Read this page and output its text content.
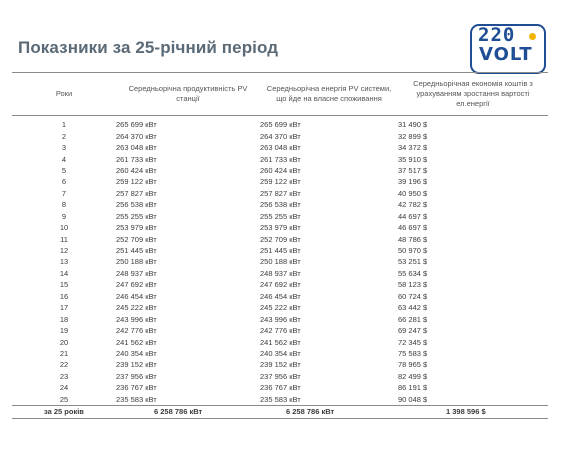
Показники за 25-річний період
220
VOLT
Роки	Середньорічна продуктивність PV станції	Середньорічна енергія PV системи, що йде на власне споживання	Середньорічная економія коштів з урахуванням зростання вартості ел.енергії
1	265 699 кВт	265 699 кВт	31 490 $
2	264 370 кВт	264 370 кВт	32 899 $
3	263 048 кВт	263 048 кВт	34 372 $
4	261 733 кВт	261 733 кВт	35 910 $
5	260 424 кВт	260 424 кВт	37 517 $
6	259 122 кВт	259 122 кВт	39 196 $
7	257 827 кВт	257 827 кВт	40 950 $
8	256 538 кВт	256 538 кВт	42 782 $
9	255 255 кВт	255 255 кВт	44 697 $
10	253 979 кВт	253 979 кВт	46 697 $
11	252 709 кВт	252 709 кВт	48 786 $
12	251 445 кВт	251 445 кВт	50 970 $
13	250 188 кВт	250 188 кВт	53 251 $
14	248 937 кВт	248 937 кВт	55 634 $
15	247 692 кВт	247 692 кВт	58 123 $
16	246 454 кВт	246 454 кВт	60 724 $
17	245 222 кВт	245 222 кВт	63 442 $
18	243 996 кВт	243 996 кВт	66 281 $
19	242 776 кВт	242 776 кВт	69 247 $
20	241 562 кВт	241 562 кВт	72 345 $
21	240 354 кВт	240 354 кВт	75 583 $
22	239 152 кВт	239 152 кВт	78 965 $
23	237 956 кВт	237 956 кВт	82 499 $
24	236 767 кВт	236 767 кВт	86 191 $
25	235 583 кВт	235 583 кВт	90 048 $
за 25 років	6 258 786 кВт	6 258 786 кВт	1 398 596 $
